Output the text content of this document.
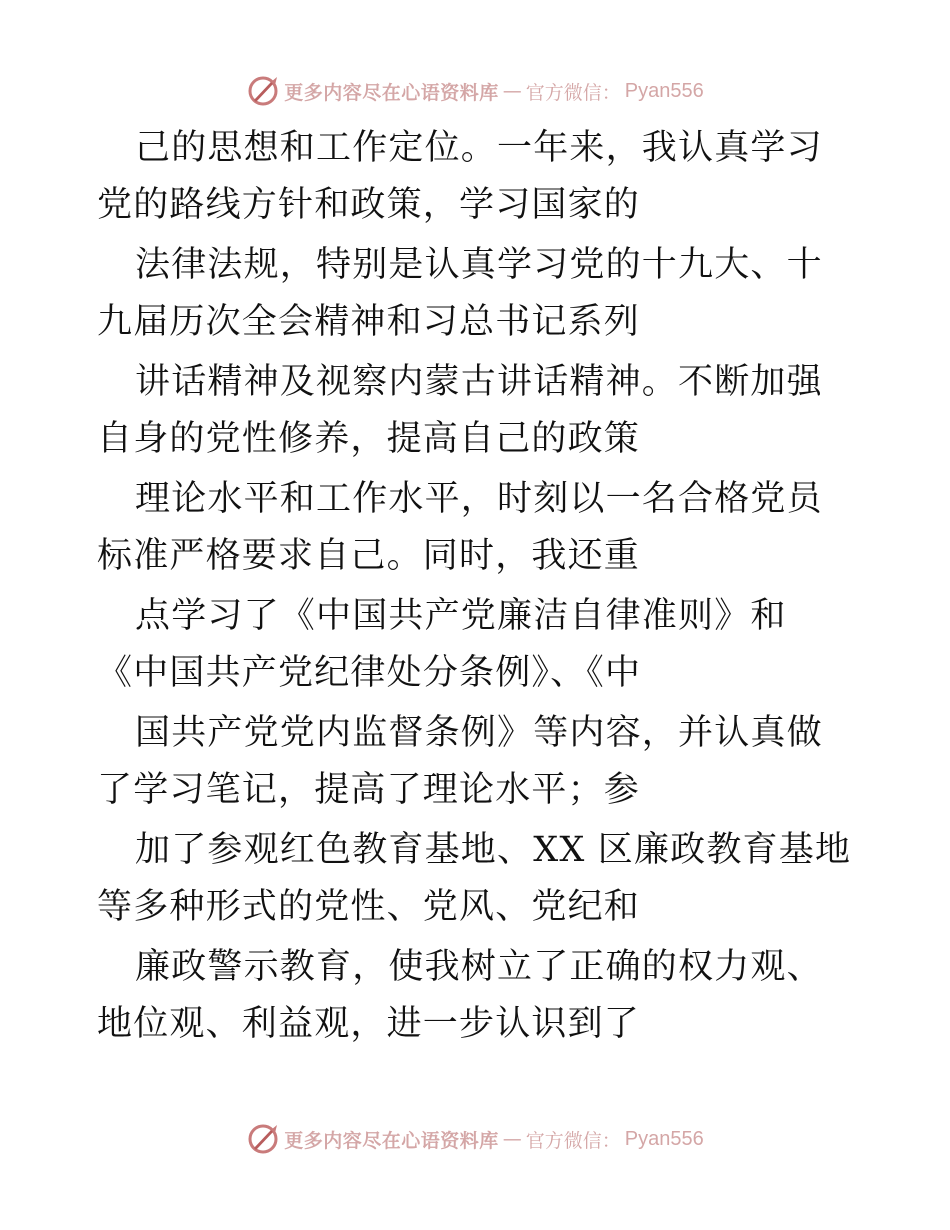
更多内容尽在心语资料库 — 官方微信： Pyan556

己的思想和工作定位。一年来，我认真学习党的路线方针和政策，学习国家的

法律法规，特别是认真学习党的十九大、十九届历次全会精神和习总书记系列

讲话精神及视察内蒙古讲话精神。不断加强自身的党性修养，提高自己的政策

理论水平和工作水平，时刻以一名合格党员标准严格要求自己。同时，我还重

点学习了《中国共产党廉洁自律准则》和《中国共产党纪律处分条例》、《中

国共产党党内监督条例》等内容，并认真做了学习笔记，提高了理论水平；参

加了参观红色教育基地、XX 区廉政教育基地等多种形式的党性、党风、党纪和

廉政警示教育，使我树立了正确的权力观、地位观、利益观，进一步认识到了

更多内容尽在心语资料库 — 官方微信： Pyan556
